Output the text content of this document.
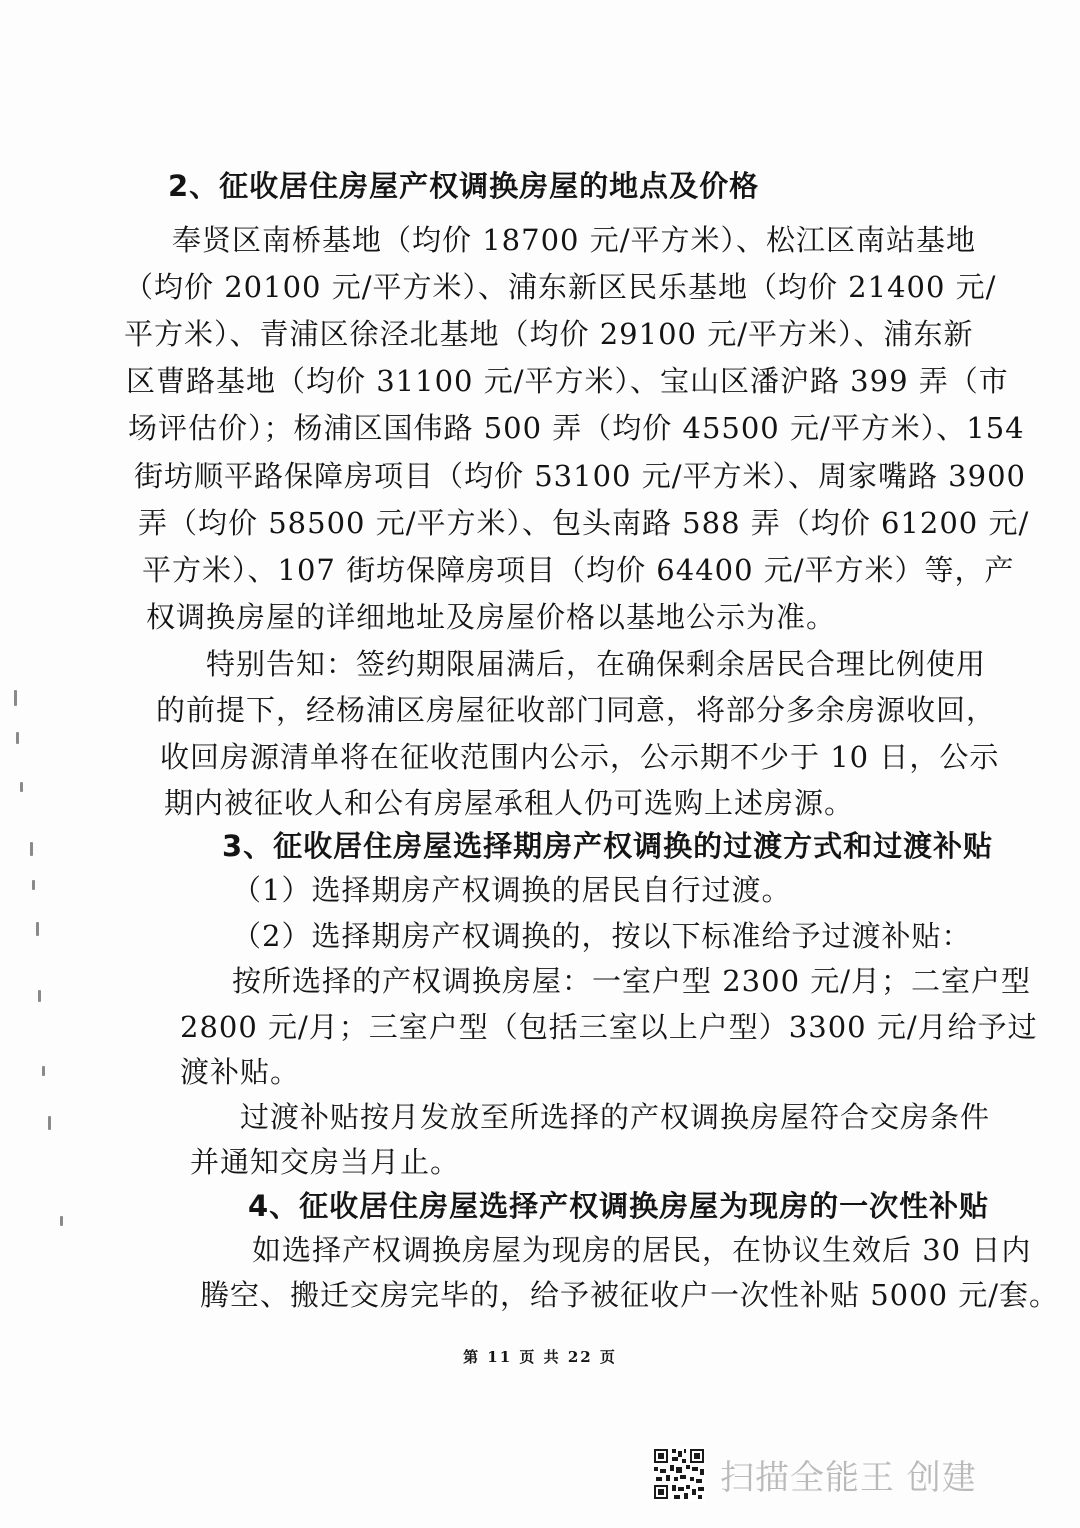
2、征收居住房屋产权调换房屋的地点及价格
奉贤区南桥基地（均价 18700 元/平方米）、松江区南站基地
（均价 20100 元/平方米）、浦东新区民乐基地（均价 21400 元/
平方米）、青浦区徐泾北基地（均价 29100 元/平方米）、浦东新
区曹路基地（均价 31100 元/平方米）、宝山区潘沪路 399 弄（市
场评估价）；杨浦区国伟路 500 弄（均价 45500 元/平方米）、154
街坊顺平路保障房项目（均价 53100 元/平方米）、周家嘴路 3900
弄（均价 58500 元/平方米）、包头南路 588 弄（均价 61200 元/
平方米）、107 街坊保障房项目（均价 64400 元/平方米）等，产
权调换房屋的详细地址及房屋价格以基地公示为准。
特别告知：签约期限届满后，在确保剩余居民合理比例使用
的前提下，经杨浦区房屋征收部门同意，将部分多余房源收回，
收回房源清单将在征收范围内公示，公示期不少于 10 日，公示
期内被征收人和公有房屋承租人仍可选购上述房源。
3、征收居住房屋选择期房产权调换的过渡方式和过渡补贴
（1）选择期房产权调换的居民自行过渡。
（2）选择期房产权调换的，按以下标准给予过渡补贴：
按所选择的产权调换房屋：一室户型 2300 元/月；二室户型
2800 元/月；三室户型（包括三室以上户型）3300 元/月给予过
渡补贴。
过渡补贴按月发放至所选择的产权调换房屋符合交房条件
并通知交房当月止。
4、征收居住房屋选择产权调换房屋为现房的一次性补贴
如选择产权调换房屋为现房的居民，在协议生效后 30 日内
腾空、搬迁交房完毕的，给予被征收户一次性补贴 5000 元/套。
第 11 页 共 22 页
扫描全能王 创建
